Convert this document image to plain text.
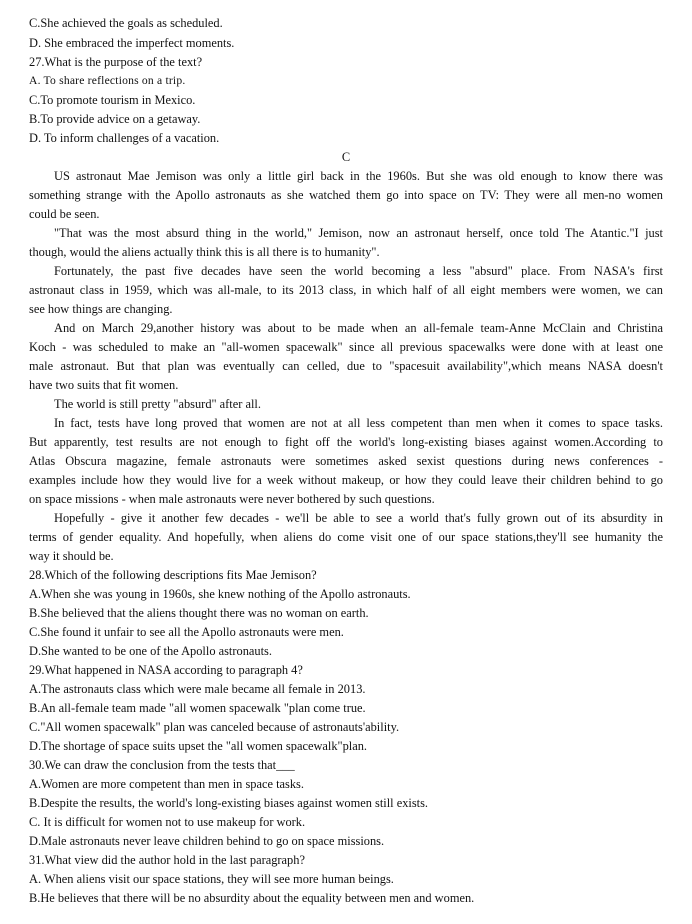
C.She achieved the goals as scheduled.
D. She embraced the imperfect moments.
27.What is the purpose of the text?
A. To share reflections on a trip.
C.To promote tourism in Mexico.
B.To provide advice on a getaway.
D. To inform challenges of a vacation.
C
US astronaut Mae Jemison was only a little girl back in the 1960s. But she was old enough to know there was
something strange with the Apollo astronauts as she watched them go into space on TV: They were all men-no women
could be seen.
"That was the most absurd thing in the world," Jemison, now an astronaut herself, once told The Atantic."I just
though, would the aliens actually think this is all there is to humanity".
Fortunately, the past five decades have seen the world becoming a less "absurd" place. From NASA's first
astronaut class in 1959, which was all-male, to its 2013 class, in which half of all eight members were women, we can
see how things are changing.
And on March 29,another history was about to be made when an all-female team-Anne McClain and Christina
Koch - was scheduled to make an "all-women spacewalk" since all previous spacewalks were done with at least one
male astronaut. But that plan was eventually can celled, due to "spacesuit availability",which means NASA doesn't
have two suits that fit women.
The world is still pretty "absurd" after all.
In fact, tests have long proved that women are not at all less competent than men when it comes to space tasks.
But apparently, test results are not enough to fight off the world's long-existing biases against women.According to
Atlas Obscura magazine, female astronauts were sometimes asked sexist questions during news conferences -
examples include how they would live for a week without makeup, or how they could leave their children behind to go
on space missions - when male astronauts were never bothered by such questions.
Hopefully - give it another few decades - we'll be able to see a world that's fully grown out of its absurdity in
terms of gender equality. And hopefully, when aliens do come visit one of our space stations,they'll see humanity the
way it should be.
28.Which of the following descriptions fits Mae Jemison?
A.When she was young in 1960s, she knew nothing of the Apollo astronauts.
B.She believed that the aliens thought there was no woman on earth.
C.She found it unfair to see all the Apollo astronauts were men.
D.She wanted to be one of the Apollo astronauts.
29.What happened in NASA according to paragraph 4?
A.The astronauts class which were male became all female in 2013.
B.An all-female team made "all women spacewalk "plan come true.
C."All women spacewalk" plan was canceled because of astronauts'ability.
D.The shortage of space suits upset the "all women spacewalk"plan.
30.We can draw the conclusion from the tests that___
A.Women are more competent than men in space tasks.
B.Despite the results, the world's long-existing biases against women still exists.
C. It is difficult for women not to use makeup for work.
D.Male astronauts never leave children behind to go on space missions.
31.What view did the author hold in the last paragraph?
A. When aliens visit our space stations, they will see more human beings.
B.He believes that there will be no absurdity about the equality between men and women.
